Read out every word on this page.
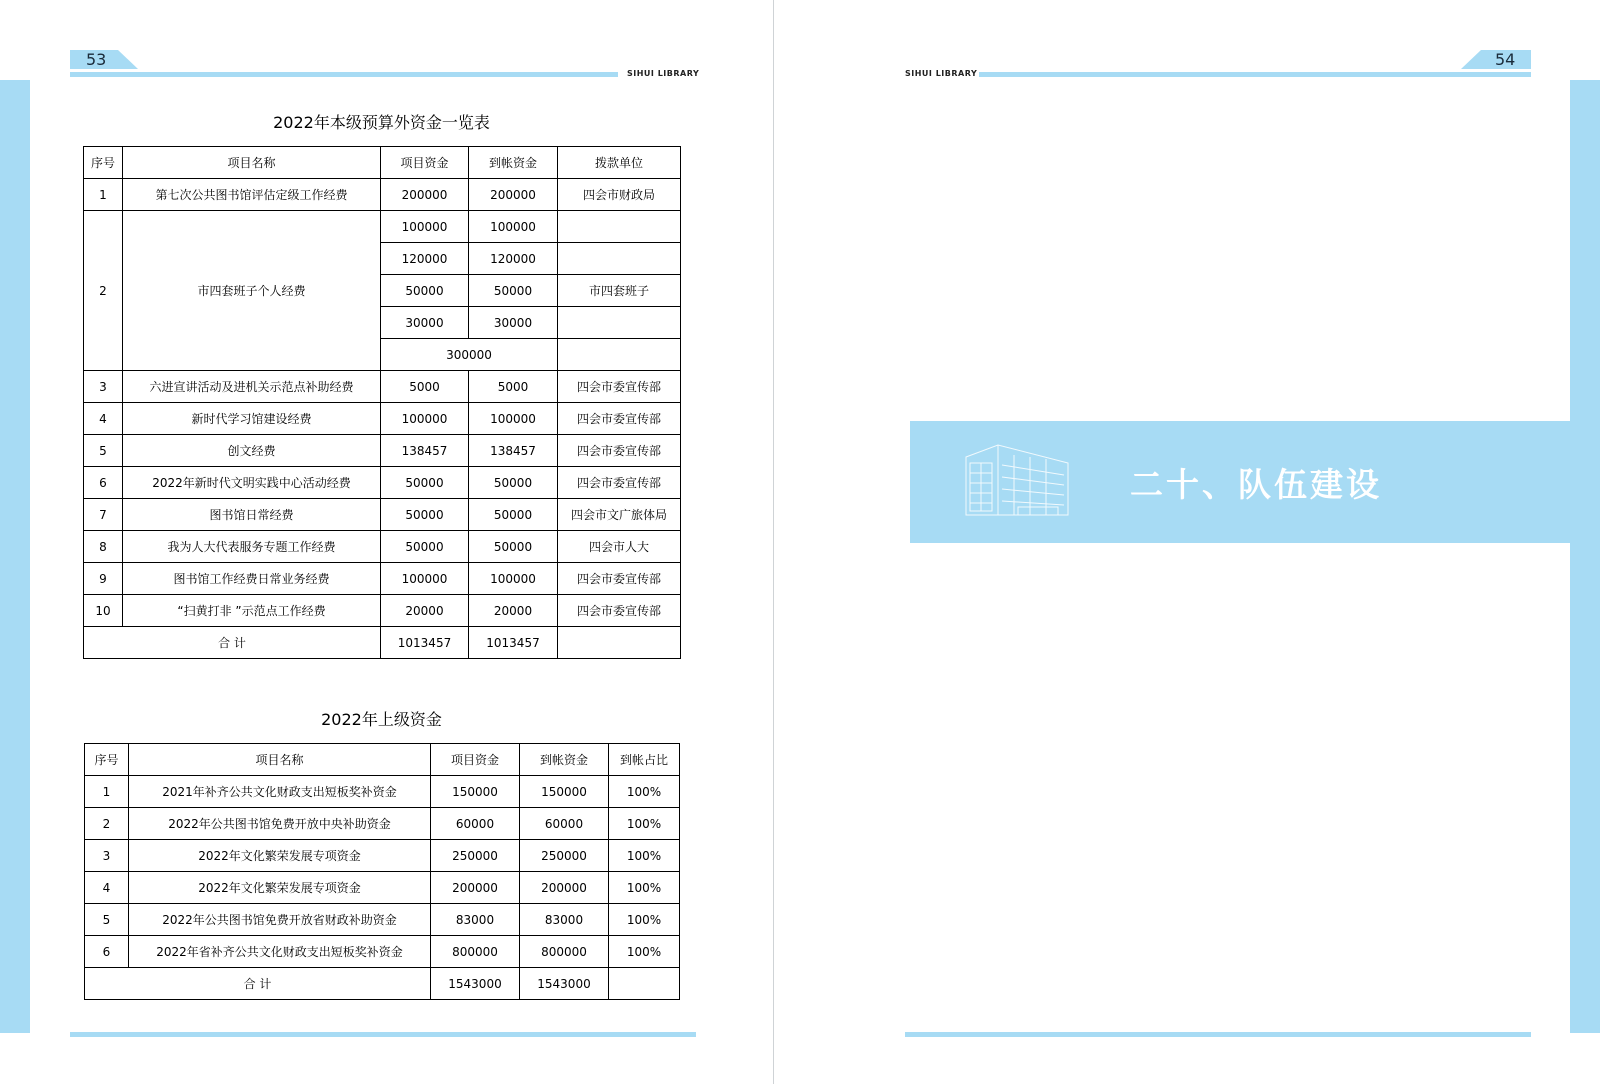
53
SIHUI LIBRARY
2022年本级预算外资金一览表
序号	项目名称	项目资金	到帐资金	拨款单位
1	第七次公共图书馆评估定级工作经费	200000	200000	四会市财政局
2	市四套班子个人经费	100000	100000	
		120000	120000	
		50000	50000	市四套班子
		30000	30000	
		300000		
3	六进宣讲活动及进机关示范点补助经费	5000	5000	四会市委宣传部
4	新时代学习馆建设经费	100000	100000	四会市委宣传部
5	创文经费	138457	138457	四会市委宣传部
6	2022年新时代文明实践中心活动经费	50000	50000	四会市委宣传部
7	图书馆日常经费	50000	50000	四会市文广旅体局
8	我为人大代表服务专题工作经费	50000	50000	四会市人大
9	图书馆工作经费日常业务经费	100000	100000	四会市委宣传部
10	“扫黄打非 ”示范点工作经费	20000	20000	四会市委宣传部
合 计		1013457	1013457	
2022年上级资金
序号	项目名称	项目资金	到帐资金	到帐占比
1	2021年补齐公共文化财政支出短板奖补资金	150000	150000	100%
2	2022年公共图书馆免费开放中央补助资金	60000	60000	100%
3	2022年文化繁荣发展专项资金	250000	250000	100%
4	2022年文化繁荣发展专项资金	200000	200000	100%
5	2022年公共图书馆免费开放省财政补助资金	83000	83000	100%
6	2022年省补齐公共文化财政支出短板奖补资金	800000	800000	100%
合 计		1543000	1543000	
SIHUI LIBRARY
54
二十、队伍建设
